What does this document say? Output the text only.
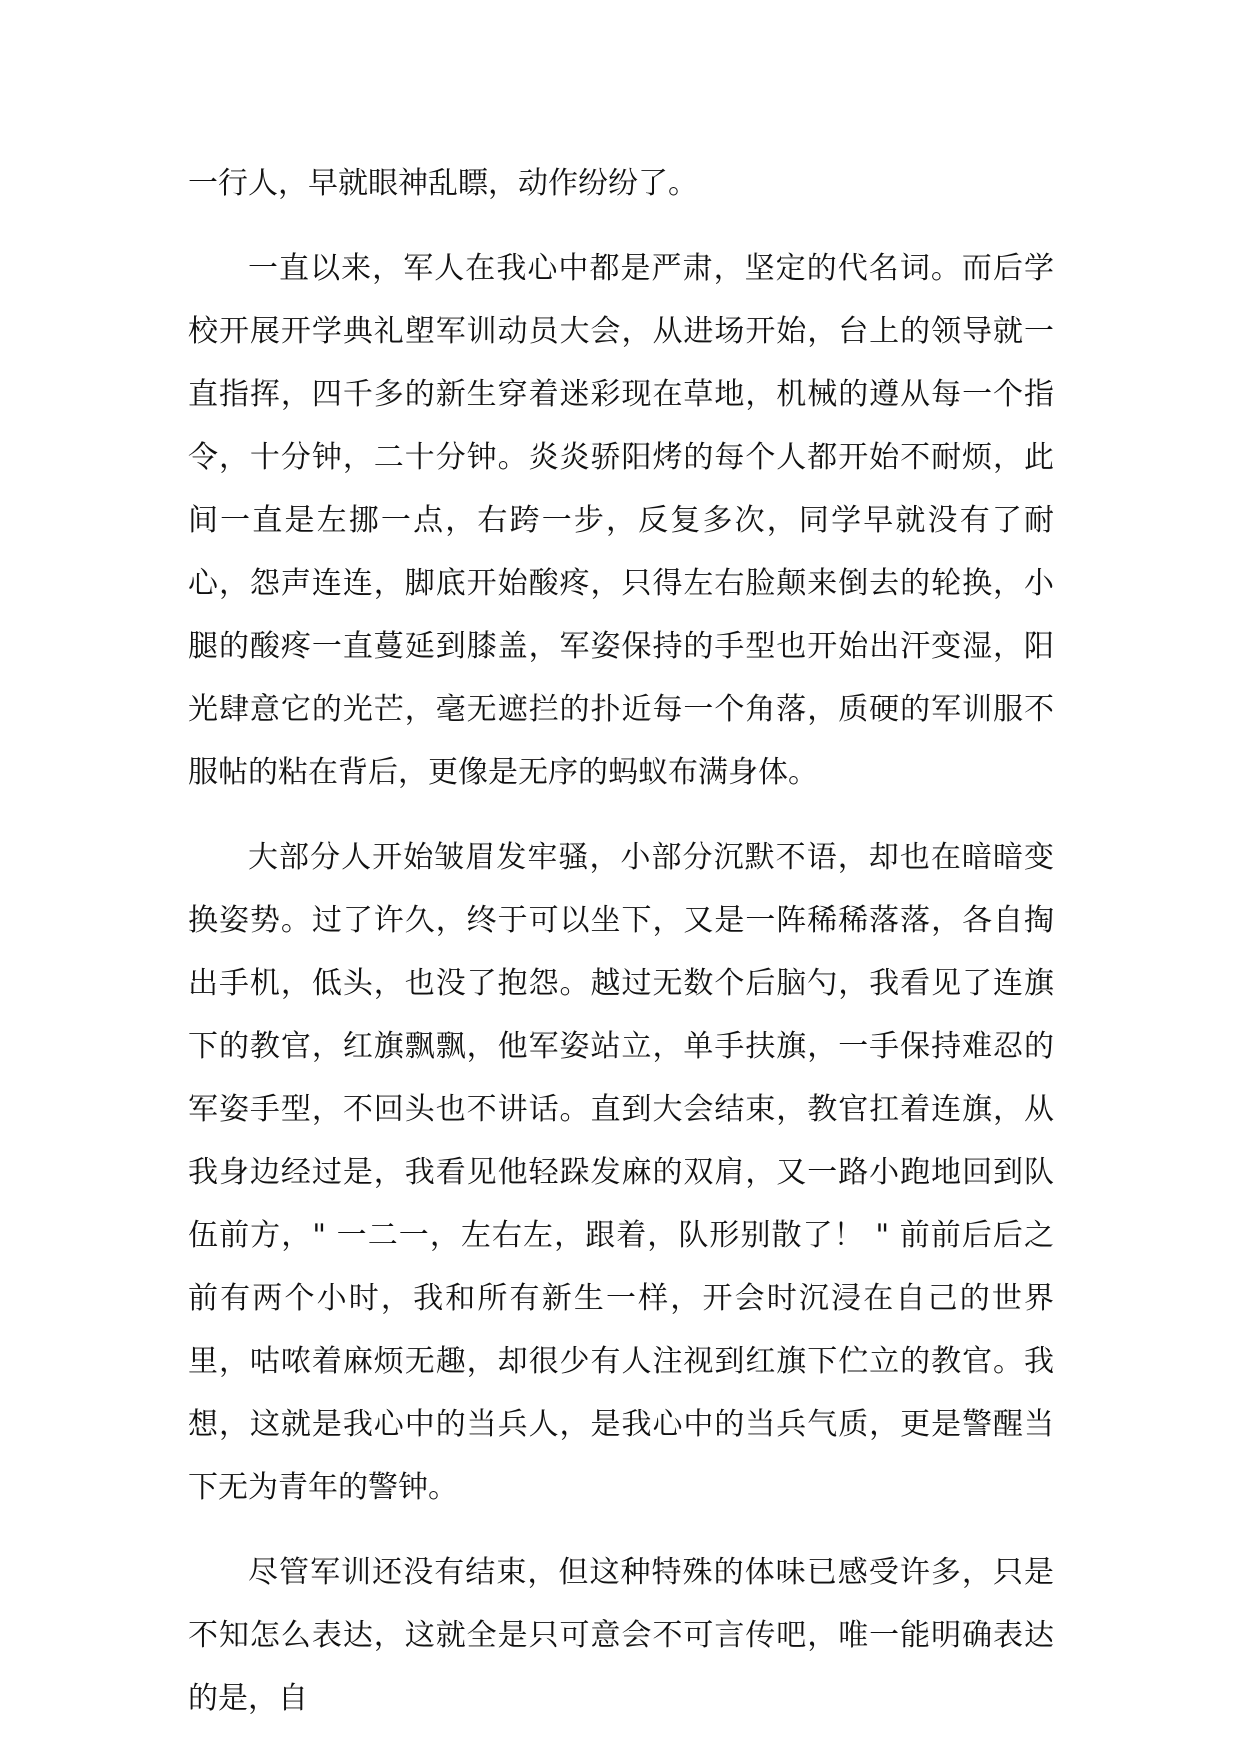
一行人，早就眼神乱瞟，动作纷纷了。

一直以来，军人在我心中都是严肃，坚定的代名词。而后学校开展开学典礼塱军训动员大会，从进场开始，台上的领导就一直指挥，四千多的新生穿着迷彩现在草地，机械的遵从每一个指令，十分钟，二十分钟。炎炎骄阳烤的每个人都开始不耐烦，此间一直是左挪一点，右跨一步，反复多次，同学早就没有了耐心，怨声连连，脚底开始酸疼，只得左右脸颠来倒去的轮换，小腿的酸疼一直蔓延到膝盖，军姿保持的手型也开始出汗变湿，阳光肆意它的光芒，毫无遮拦的扑近每一个角落，质硬的军训服不服帖的粘在背后，更像是无序的蚂蚁布满身体。

大部分人开始皱眉发牢骚，小部分沉默不语，却也在暗暗变换姿势。过了许久，终于可以坐下，又是一阵稀稀落落，各自掏出手机，低头，也没了抱怨。越过无数个后脑勺，我看见了连旗下的教官，红旗飘飘，他军姿站立，单手扶旗，一手保持难忍的军姿手型，不回头也不讲话。直到大会结束，教官扛着连旗，从我身边经过是，我看见他轻跺发麻的双肩，又一路小跑地回到队伍前方，" 一二一，左右左，跟着，队形别散了！ " 前前后后之前有两个小时，我和所有新生一样，开会时沉浸在自己的世界里，咕哝着麻烦无趣，却很少有人注视到红旗下伫立的教官。我想，这就是我心中的当兵人，是我心中的当兵气质，更是警醒当下无为青年的警钟。

尽管军训还没有结束，但这种特殊的体味已感受许多，只是不知怎么表达，这就全是只可意会不可言传吧，唯一能明确表达的是，自
